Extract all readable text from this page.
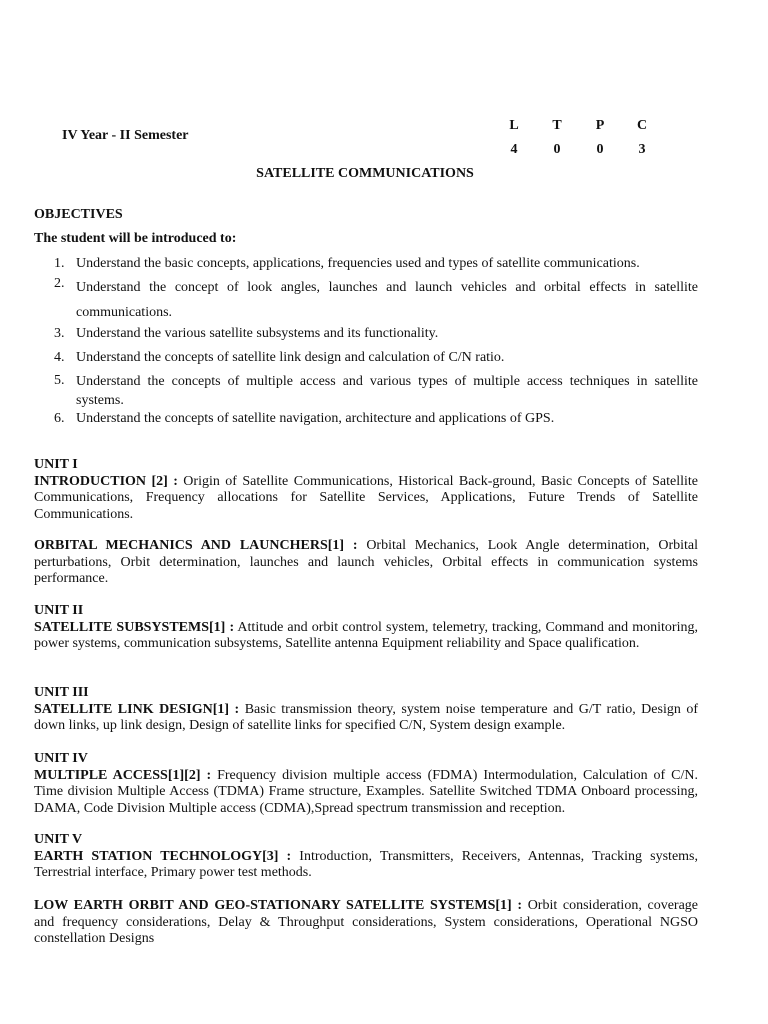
IV Year - II Semester
L	T	P	C
4	0	0	3
SATELLITE COMMUNICATIONS
OBJECTIVES
The student will be introduced to:
1. Understand the basic concepts, applications, frequencies used and types of satellite communications.
2. Understand the concept of look angles, launches and launch vehicles and orbital effects in satellite communications.
3. Understand the various satellite subsystems and its functionality.
4. Understand the concepts of satellite link design and calculation of C/N ratio.
5. Understand the concepts of multiple access and various types of multiple access techniques in satellite systems.
6. Understand the concepts of satellite navigation, architecture and applications of GPS.
UNIT I
INTRODUCTION [2] : Origin of Satellite Communications, Historical Back-ground, Basic Concepts of Satellite Communications, Frequency allocations for Satellite Services, Applications, Future Trends of Satellite Communications.
ORBITAL MECHANICS AND LAUNCHERS[1] : Orbital Mechanics, Look Angle determination, Orbital perturbations, Orbit determination, launches and launch vehicles, Orbital effects in communication systems performance.
UNIT II
SATELLITE SUBSYSTEMS[1] : Attitude and orbit control system, telemetry, tracking, Command and monitoring, power systems, communication subsystems, Satellite antenna Equipment reliability and Space qualification.
UNIT III
SATELLITE LINK DESIGN[1] : Basic transmission theory, system noise temperature and G/T ratio, Design of down links, up link design, Design of satellite links for specified C/N, System design example.
UNIT IV
MULTIPLE ACCESS[1][2] : Frequency division multiple access (FDMA) Intermodulation, Calculation of C/N. Time division Multiple Access (TDMA) Frame structure, Examples. Satellite Switched TDMA Onboard processing, DAMA, Code Division Multiple access (CDMA),Spread spectrum transmission and reception.
UNIT V
EARTH STATION TECHNOLOGY[3] : Introduction, Transmitters, Receivers, Antennas, Tracking systems, Terrestrial interface, Primary power test methods.
LOW EARTH ORBIT AND GEO-STATIONARY SATELLITE SYSTEMS[1] : Orbit consideration, coverage and frequency considerations, Delay & Throughput considerations, System considerations, Operational NGSO constellation Designs
